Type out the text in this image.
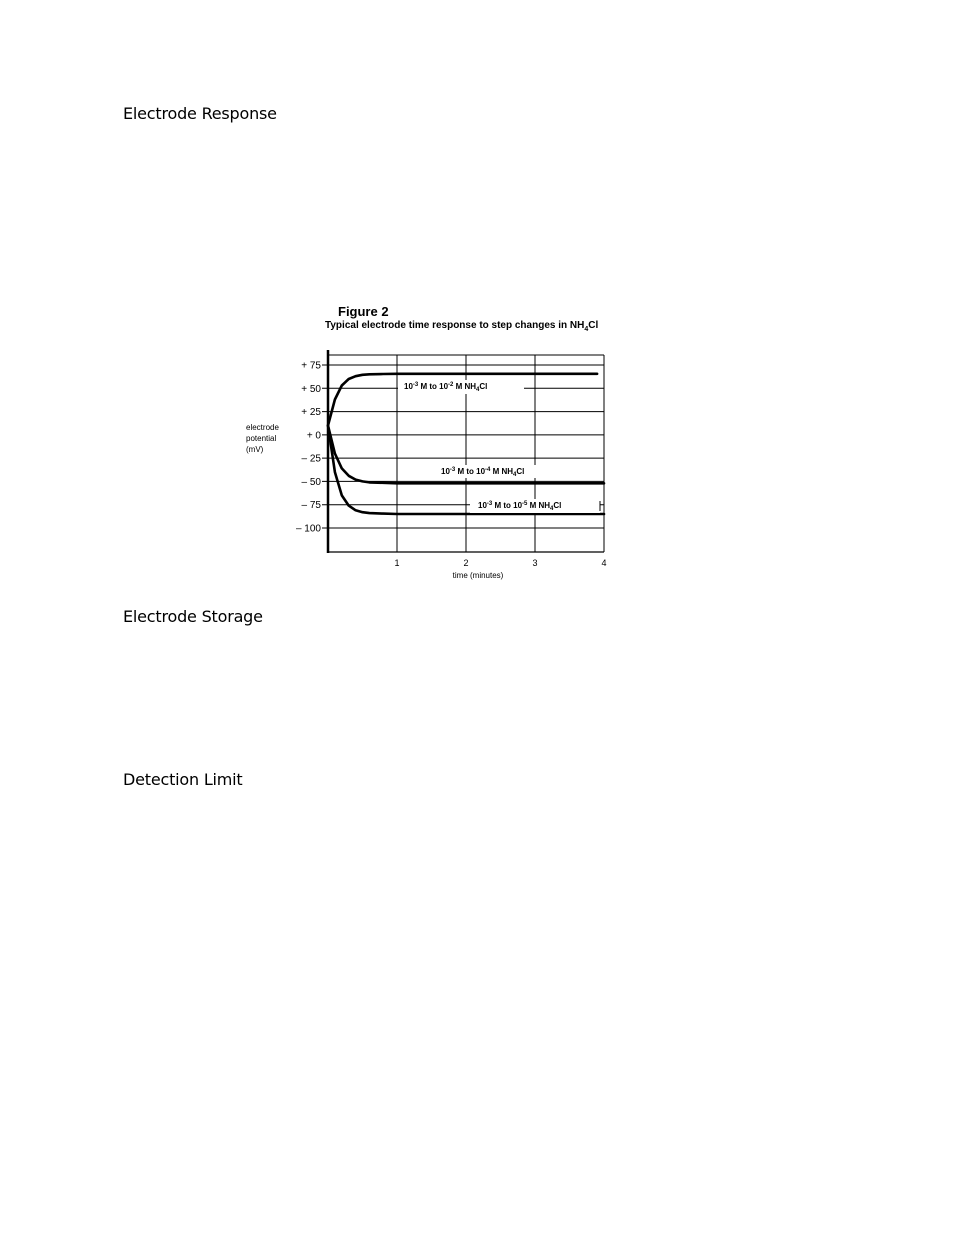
Electrode Response

Figure 2

Typical electrode time response to step changes in $NH_4Cl$

+ 75
+ 50
+ 25
+ 0
– 25
– 50
– 75
– 100
1	2	3	4
electrode
potential
(mV)
time (minutes)
$10^{-3}$ M to $10^{-2}$ M $NH_4Cl$
$10^{-3}$ M to $10^{-4}$ M $NH_4Cl$
$10^{-3}$ M to $10^{-5}$ M $NH_4Cl$
Electrode Storage
Detection Limit
